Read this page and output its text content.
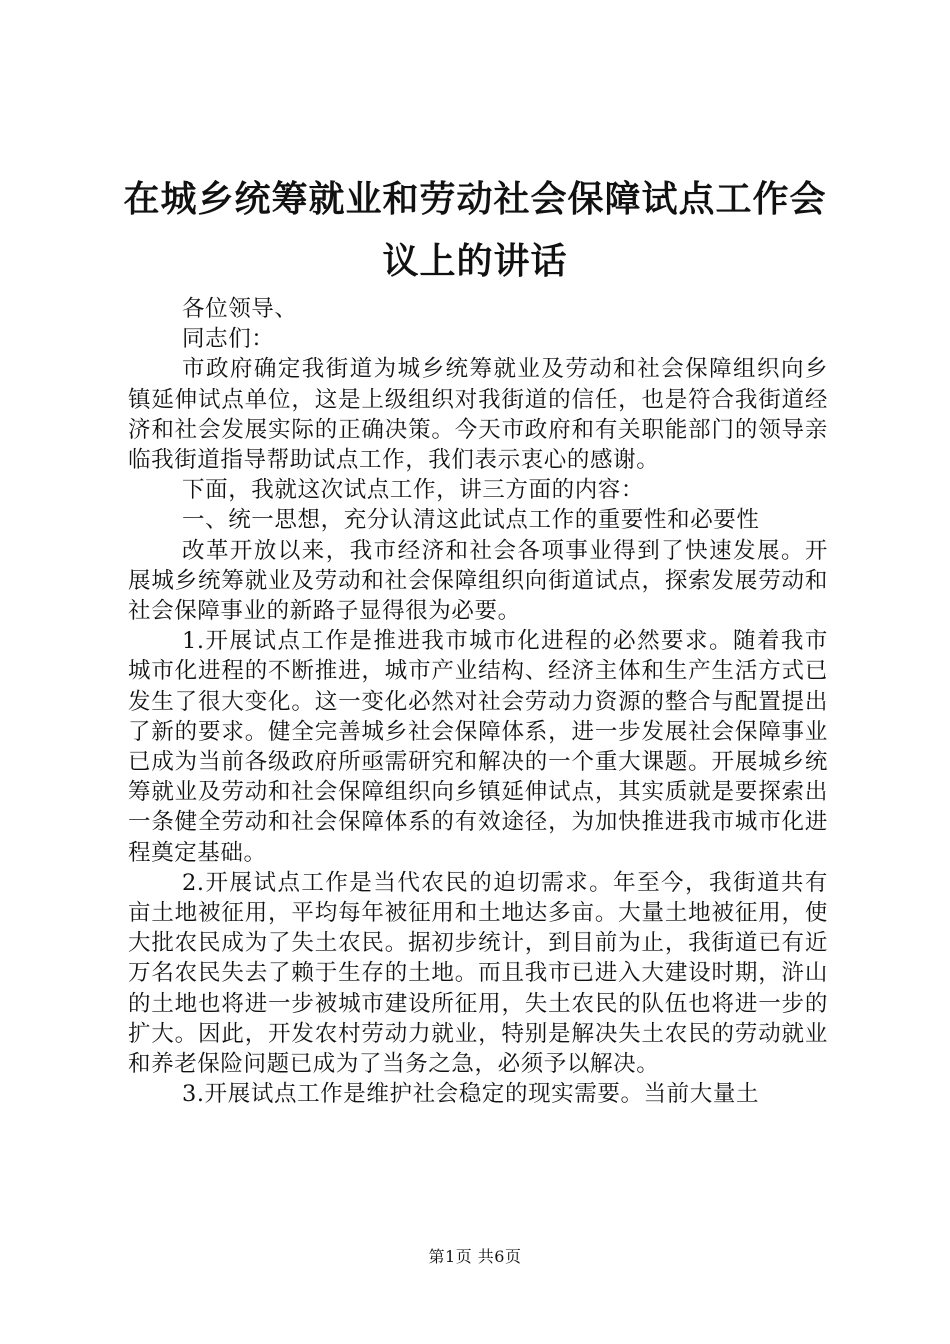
在城乡统筹就业和劳动社会保障试点工作会议上的讲话

各位领导、

同志们：

市政府确定我街道为城乡统筹就业及劳动和社会保障组织向乡镇延伸试点单位，这是上级组织对我街道的信任，也是符合我街道经济和社会发展实际的正确决策。今天市政府和有关职能部门的领导亲临我街道指导帮助试点工作，我们表示衷心的感谢。

下面，我就这次试点工作，讲三方面的内容：

一、统一思想，充分认清这此试点工作的重要性和必要性

改革开放以来，我市经济和社会各项事业得到了快速发展。开展城乡统筹就业及劳动和社会保障组织向街道试点，探索发展劳动和社会保障事业的新路子显得很为必要。

1.开展试点工作是推进我市城市化进程的必然要求。随着我市城市化进程的不断推进，城市产业结构、经济主体和生产生活方式已发生了很大变化。这一变化必然对社会劳动力资源的整合与配置提出了新的要求。健全完善城乡社会保障体系，进一步发展社会保障事业已成为当前各级政府所亟需研究和解决的一个重大课题。开展城乡统筹就业及劳动和社会保障组织向乡镇延伸试点，其实质就是要探索出一条健全劳动和社会保障体系的有效途径，为加快推进我市城市化进程奠定基础。

2.开展试点工作是当代农民的迫切需求。年至今，我街道共有亩土地被征用，平均每年被征用和土地达多亩。大量土地被征用，使大批农民成为了失土农民。据初步统计，到目前为止，我街道已有近万名农民失去了赖于生存的土地。而且我市已进入大建设时期，浒山的土地也将进一步被城市建设所征用，失土农民的队伍也将进一步的扩大。因此，开发农村劳动力就业，特别是解决失土农民的劳动就业和养老保险问题已成为了当务之急，必须予以解决。

3.开展试点工作是维护社会稳定的现实需要。当前大量土

第1页 共6页
